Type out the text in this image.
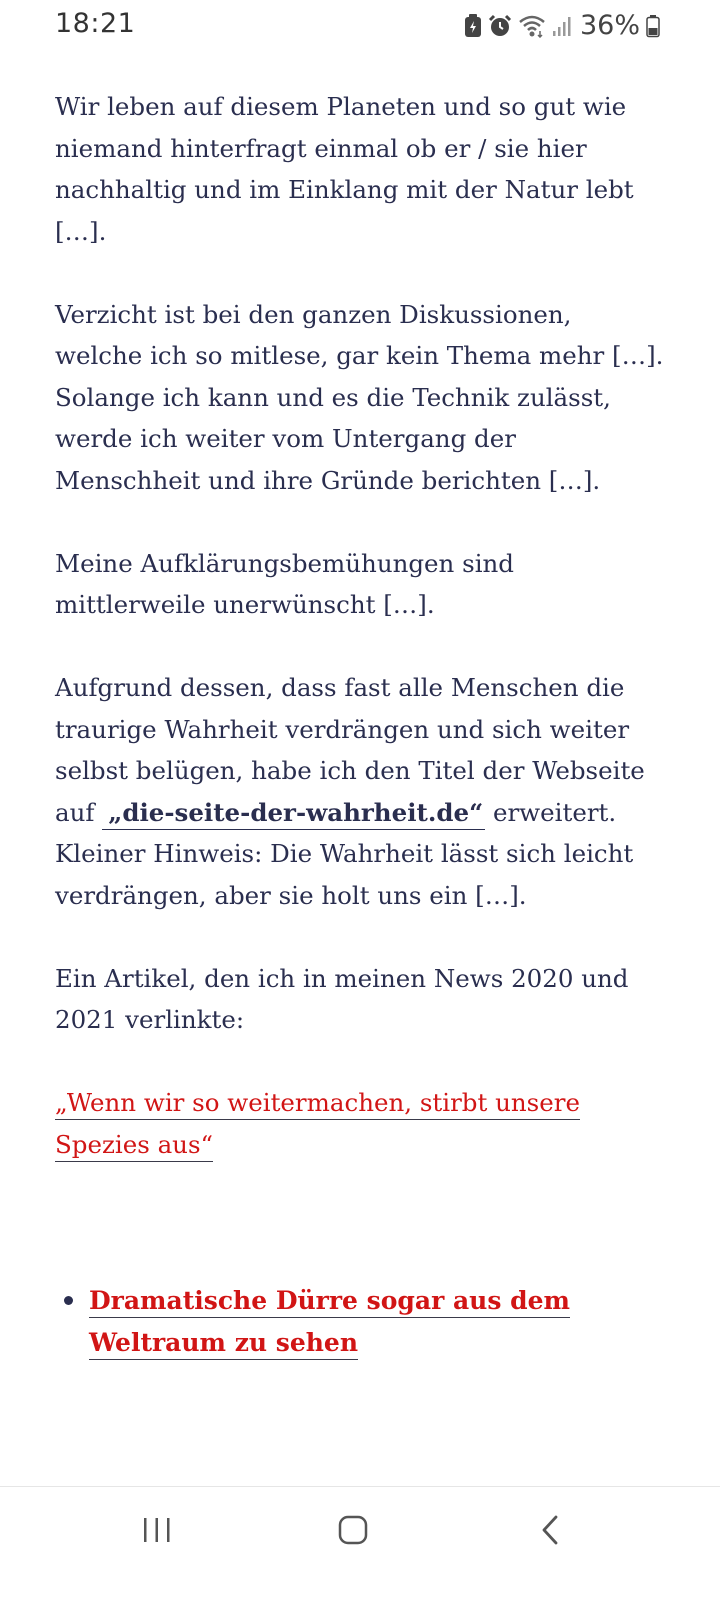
18:21	36%

Wir leben auf diesem Planeten und so gut wie niemand hinterfragt einmal ob er / sie hier nachhaltig und im Einklang mit der Natur lebt […].

Verzicht ist bei den ganzen Diskussionen, welche ich so mitlese, gar kein Thema mehr […]. Solange ich kann und es die Technik zulässt, werde ich weiter vom Untergang der Menschheit und ihre Gründe berichten […].

Meine Aufklärungsbemühungen sind mittlerweile unerwünscht […].

Aufgrund dessen, dass fast alle Menschen die traurige Wahrheit verdrängen und sich weiter selbst belügen, habe ich den Titel der Webseite auf „die-seite-der-wahrheit.de“ erweitert. Kleiner Hinweis: Die Wahrheit lässt sich leicht verdrängen, aber sie holt uns ein […].

Ein Artikel, den ich in meinen News 2020 und 2021 verlinkte:

„Wenn wir so weitermachen, stirbt unsere Spezies aus“

Dramatische Dürre sogar aus dem Weltraum zu sehen
